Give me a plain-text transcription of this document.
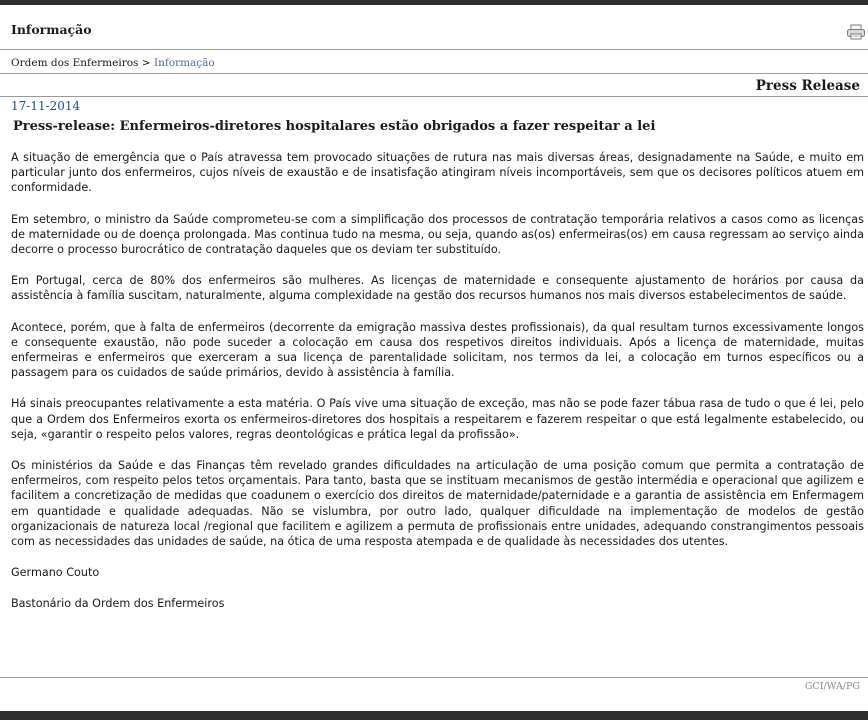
Informação
Ordem dos Enfermeiros > Informação
Press Release
17-11-2014
Press-release: Enfermeiros-diretores hospitalares estão obrigados a fazer respeitar a lei

A situação de emergência que o País atravessa tem provocado situações de rutura nas mais diversas áreas, designadamente na Saúde, e muito em particular junto dos enfermeiros, cujos níveis de exaustão e de insatisfação atingiram níveis incomportáveis, sem que os decisores políticos atuem em conformidade.

Em setembro, o ministro da Saúde comprometeu-se com a simplificação dos processos de contratação temporária relativos a casos como as licenças de maternidade ou de doença prolongada. Mas continua tudo na mesma, ou seja, quando as(os) enfermeiras(os) em causa regressam ao serviço ainda decorre o processo burocrático de contratação daqueles que os deviam ter substituído.

Em Portugal, cerca de 80% dos enfermeiros são mulheres. As licenças de maternidade e consequente ajustamento de horários por causa da assistência à família suscitam, naturalmente, alguma complexidade na gestão dos recursos humanos nos mais diversos estabelecimentos de saúde.

Acontece, porém, que à falta de enfermeiros (decorrente da emigração massiva destes profissionais), da qual resultam turnos excessivamente longos e consequente exaustão, não pode suceder a colocação em causa dos respetivos direitos individuais. Após a licença de maternidade, muitas enfermeiras e enfermeiros que exerceram a sua licença de parentalidade solicitam, nos termos da lei, a colocação em turnos específicos ou a passagem para os cuidados de saúde primários, devido à assistência à família.

Há sinais preocupantes relativamente a esta matéria. O País vive uma situação de exceção, mas não se pode fazer tábua rasa de tudo o que é lei, pelo que a Ordem dos Enfermeiros exorta os enfermeiros-diretores dos hospitais a respeitarem e fazerem respeitar o que está legalmente estabelecido, ou seja, «garantir o respeito pelos valores, regras deontológicas e prática legal da profissão».

Os ministérios da Saúde e das Finanças têm revelado grandes dificuldades na articulação de uma posição comum que permita a contratação de enfermeiros, com respeito pelos tetos orçamentais. Para tanto, basta que se instituam mecanismos de gestão intermédia e operacional que agilizem e facilitem a concretização de medidas que coadunem o exercício dos direitos de maternidade/paternidade e a garantia de assistência em Enfermagem em quantidade e qualidade adequadas. Não se vislumbra, por outro lado, qualquer dificuldade na implementação de modelos de gestão organizacionais de natureza local /regional que facilitem e agilizem a permuta de profissionais entre unidades, adequando constrangimentos pessoais com as necessidades das unidades de saúde, na ótica de uma resposta atempada e de qualidade às necessidades dos utentes.

Germano Couto

Bastonário da Ordem dos Enfermeiros

GCI/WA/PG
